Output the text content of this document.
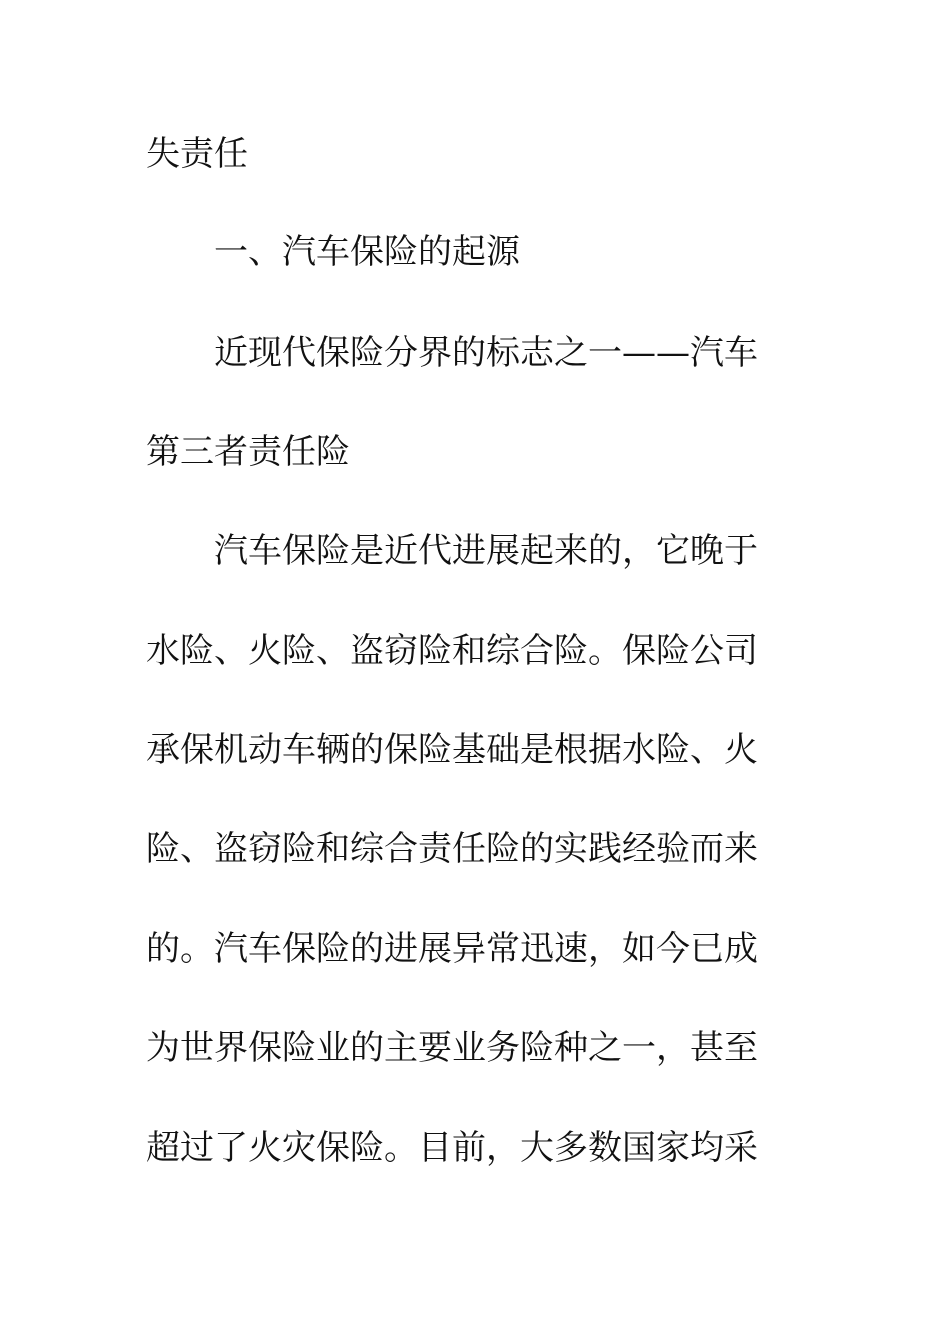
失责任

一、汽车保险的起源

近现代保险分界的标志之一——汽车

第三者责任险

汽车保险是近代进展起来的，它晚于

水险、火险、盗窃险和综合险。保险公司

承保机动车辆的保险基础是根据水险、火

险、盗窃险和综合责任险的实践经验而来

的。汽车保险的进展异常迅速，如今已成

为世界保险业的主要业务险种之一，甚至

超过了火灾保险。目前，大多数国家均采
